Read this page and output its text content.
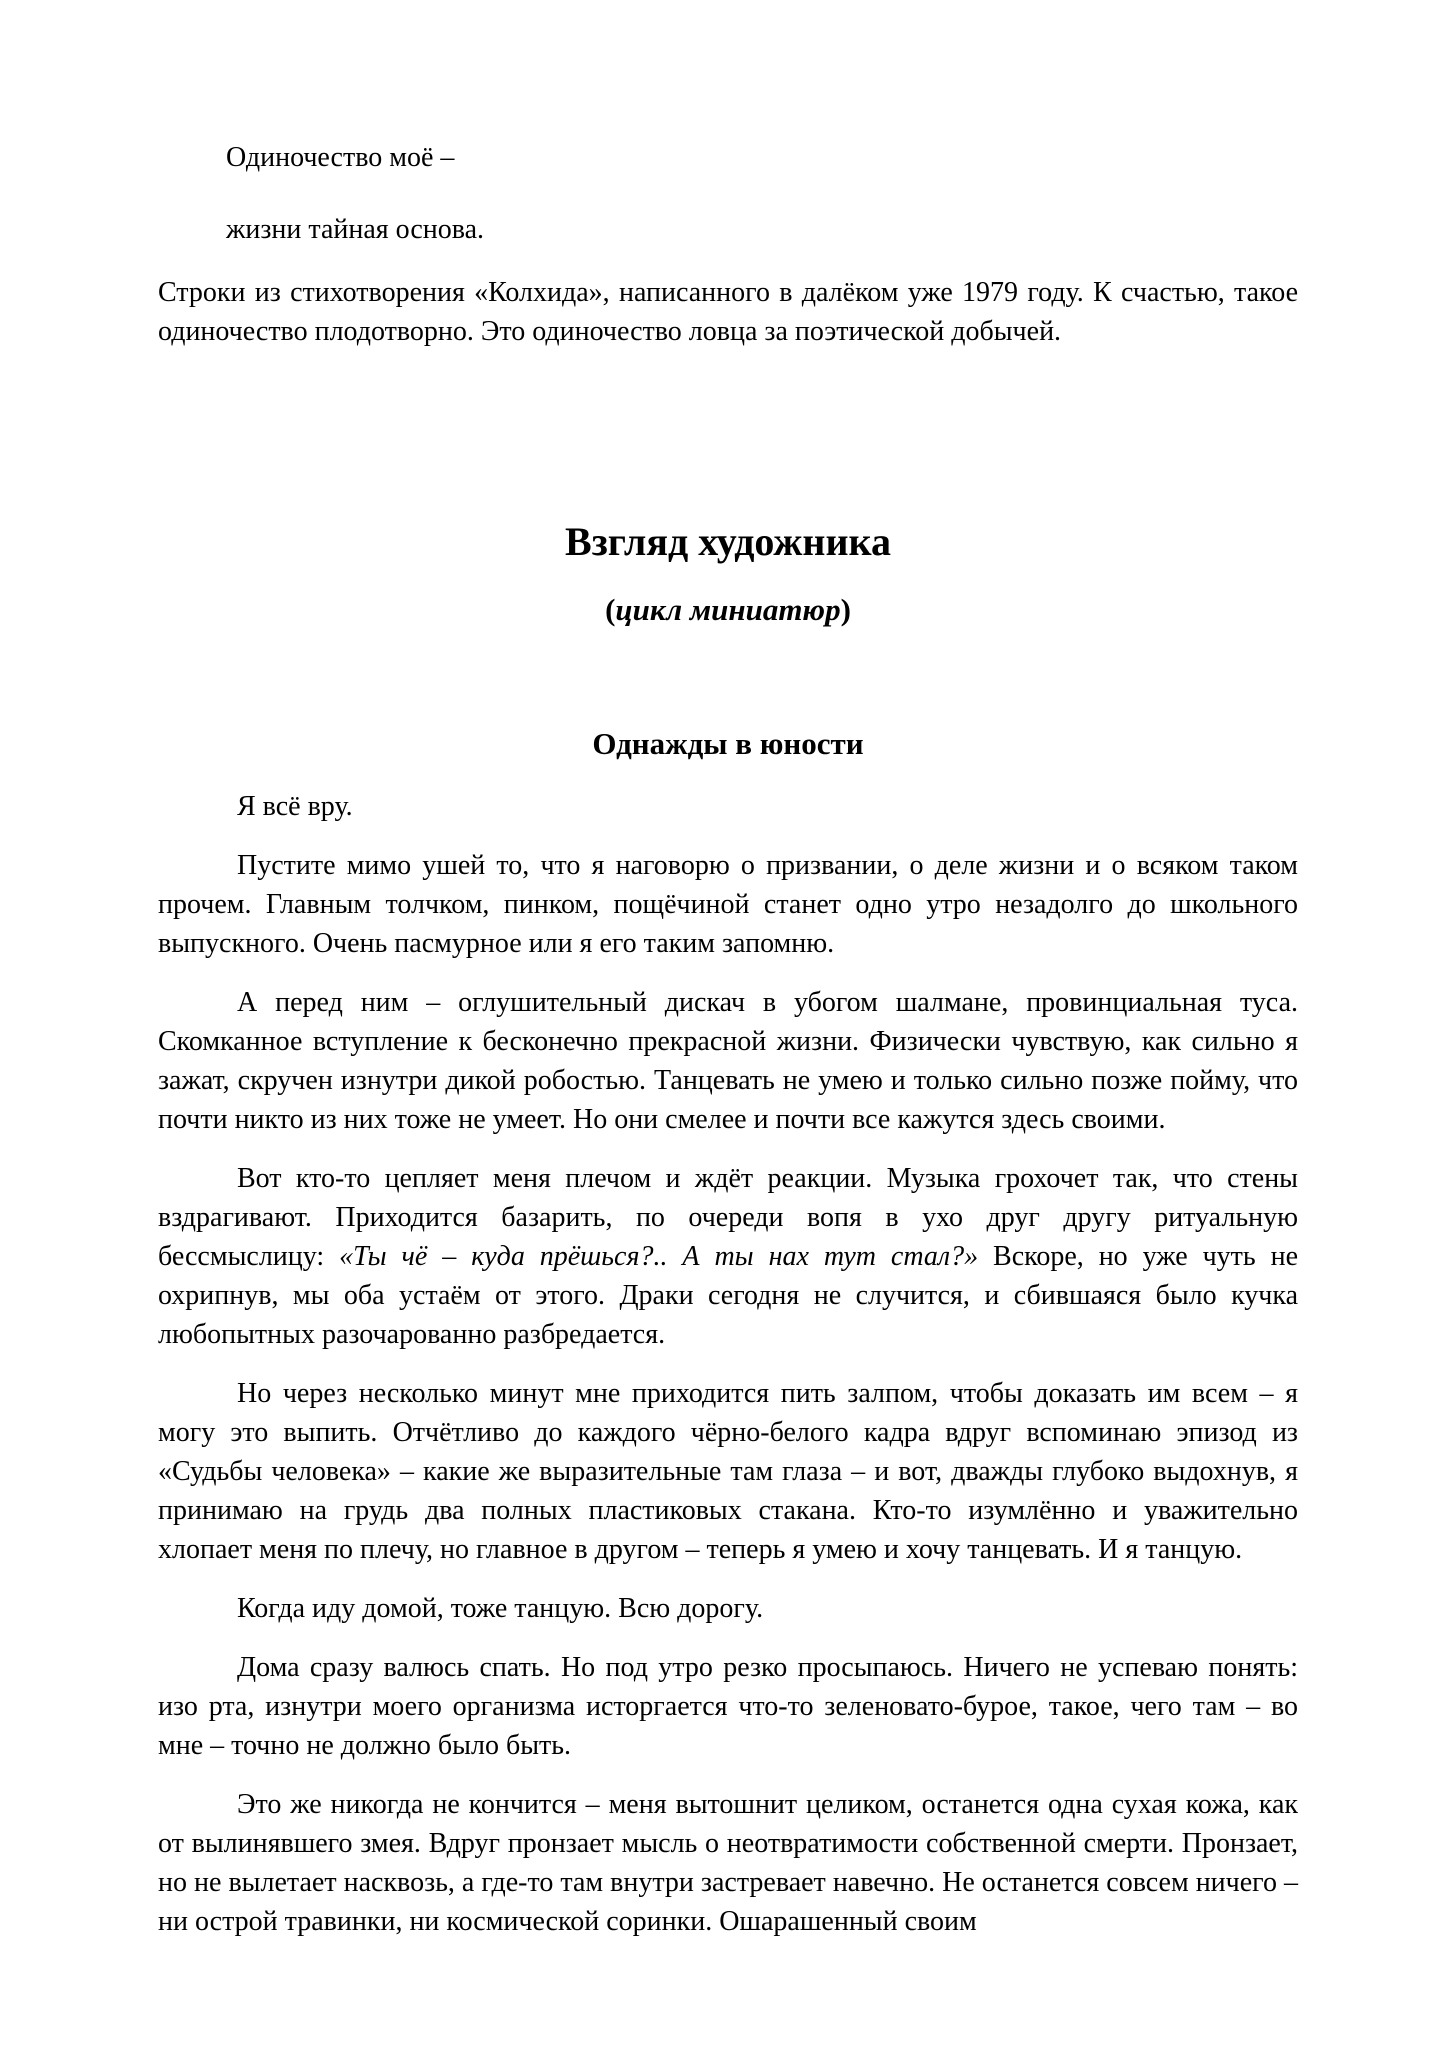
Одиночество моё –

жизни тайная основа.

Строки из стихотворения «Колхида», написанного в далёком уже 1979 году. К счастью, такое одиночество плодотворно. Это одиночество ловца за поэтической добычей.

Взгляд художника
(цикл миниатюр)
Однажды в юности

Я всё вру.

Пустите мимо ушей то, что я наговорю о призвании, о деле жизни и о всяком таком прочем. Главным толчком, пинком, пощёчиной станет одно утро незадолго до школьного выпускного. Очень пасмурное или я его таким запомню.

А перед ним – оглушительный дискач в убогом шалмане, провинциальная туса. Скомканное вступление к бесконечно прекрасной жизни. Физически чувствую, как сильно я зажат, скручен изнутри дикой робостью. Танцевать не умею и только сильно позже пойму, что почти никто из них тоже не умеет. Но они смелее и почти все кажутся здесь своими.

Вот кто-то цепляет меня плечом и ждёт реакции. Музыка грохочет так, что стены вздрагивают. Приходится базарить, по очереди вопя в ухо друг другу ритуальную бессмыслицу: «Ты чё – куда прёшься?.. А ты нах тут стал?» Вскоре, но уже чуть не охрипнув, мы оба устаём от этого. Драки сегодня не случится, и сбившаяся было кучка любопытных разочарованно разбредается.

Но через несколько минут мне приходится пить залпом, чтобы доказать им всем – я могу это выпить. Отчётливо до каждого чёрно-белого кадра вдруг вспоминаю эпизод из «Судьбы человека» – какие же выразительные там глаза – и вот, дважды глубоко выдохнув, я принимаю на грудь два полных пластиковых стакана. Кто-то изумлённо и уважительно хлопает меня по плечу, но главное в другом – теперь я умею и хочу танцевать. И я танцую.

Когда иду домой, тоже танцую. Всю дорогу.

Дома сразу валюсь спать. Но под утро резко просыпаюсь. Ничего не успеваю понять: изо рта, изнутри моего организма исторгается что-то зеленовато-бурое, такое, чего там – во мне – точно не должно было быть.

Это же никогда не кончится – меня вытошнит целиком, останется одна сухая кожа, как от вылинявшего змея. Вдруг пронзает мысль о неотвратимости собственной смерти. Пронзает, но не вылетает насквозь, а где-то там внутри застревает навечно. Не останется совсем ничего – ни острой травинки, ни космической соринки. Ошарашенный своим
